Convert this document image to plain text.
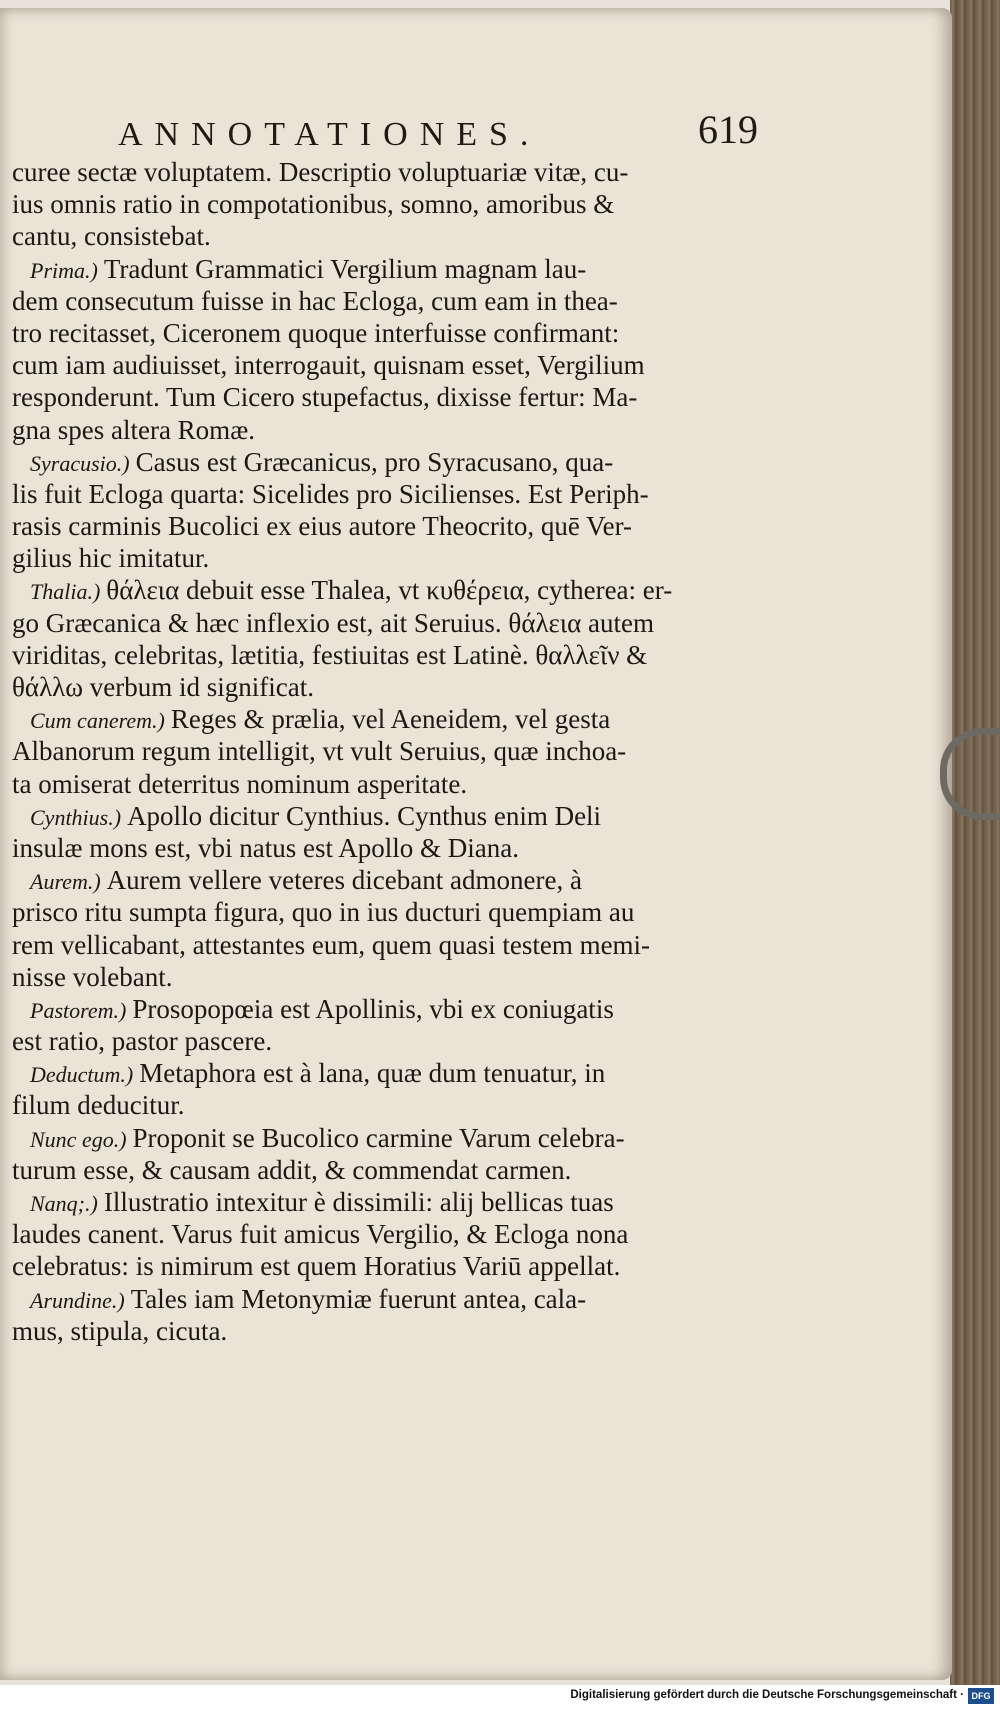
ANNOTATIONES.	619
curee sectæ voluptatem. Descriptio voluptuariæ vitæ, cu-
ius omnis ratio in compotationibus, somno, amoribus &
cantu, consistebat.
Prima.) Tradunt Grammatici Vergilium magnam lau-
dem consecutum fuisse in hac Ecloga, cum eam in thea-
tro recitasset, Ciceronem quoque interfuisse confirmant:
cum iam audiuisset, interrogauit, quisnam esset, Vergilium
responderunt. Tum Cicero stupefactus, dixisse fertur: Ma-
gna spes altera Romæ.
Syracusio.) Casus est Græcanicus, pro Syracusano, qua-
lis fuit Ecloga quarta: Sicelides pro Sicilienses. Est Periph-
rasis carminis Bucolici ex eius autore Theocrito, quē Ver-
gilius hic imitatur.
Thalia.) θάλεια debuit esse Thalea, vt κυθέρεια, cytherea: er-
go Græcanica & hæc inflexio est, ait Seruius. θάλεια autem
viriditas, celebritas, lætitia, festiuitas est Latinè. θαλλεῖν &
θάλλω verbum id significat.
Cum canerem.) Reges & prælia, vel Aeneidem, vel gesta
Albanorum regum intelligit, vt vult Seruius, quæ inchoa-
ta omiserat deterritus nominum asperitate.
Cynthius.) Apollo dicitur Cynthius. Cynthus enim Deli
insulæ mons est, vbi natus est Apollo & Diana.
Aurem.) Aurem vellere veteres dicebant admonere, à
prisco ritu sumpta figura, quo in ius ducturi quempiam au
rem vellicabant, attestantes eum, quem quasi testem memi-
nisse volebant.
Pastorem.) Prosopopœia est Apollinis, vbi ex coniugatis
est ratio, pastor pascere.
Deductum.) Metaphora est à lana, quæ dum tenuatur, in
filum deducitur.
Nunc ego.) Proponit se Bucolico carmine Varum celebra-
turum esse, & causam addit, & commendat carmen.
Nanq;.) Illustratio intexitur è dissimili: alij bellicas tuas
laudes canent. Varus fuit amicus Vergilio, & Ecloga nona
celebratus: is nimirum est quem Horatius Variū appellat.
Arundine.) Tales iam Metonymiæ fuerunt antea, cala-
mus, stipula, cicuta.
Digitalisierung gefördert durch die Deutsche Forschungsgemeinschaft · DFG
